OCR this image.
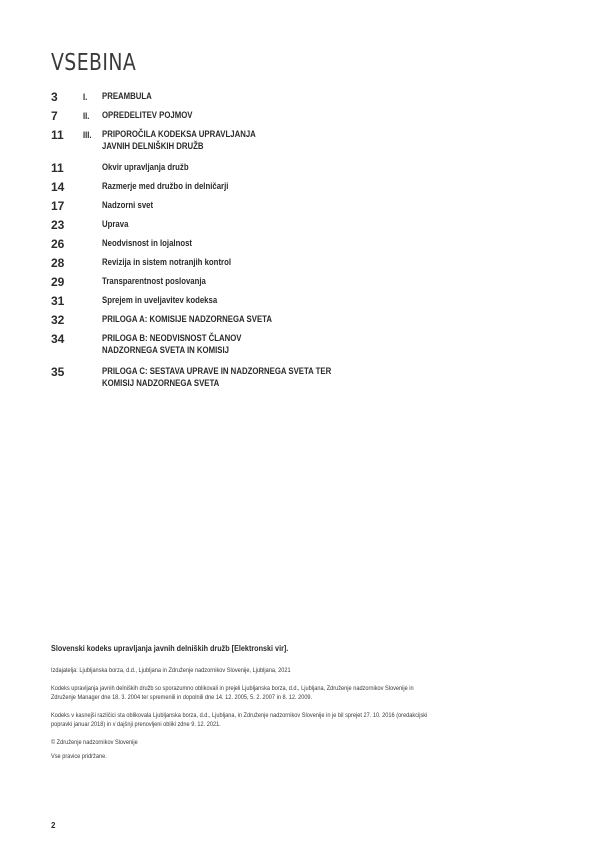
VSEBINA
3	I. PREAMBULA
7	II. OPREDELITEV POJMOV
11 III. PRIPOROČILA KODEKSA UPRAVLJANJA
JAVNIH DELNIŠKIH DRUŽB
11	Okvir upravljanja družb
14	Razmerje med družbo in delničarji
17	Nadzorni svet
23	Uprava
26	Neodvisnost in lojalnost
28	Revizija in sistem notranjih kontrol
29	Transparentnost poslovanja
31	Sprejem in uveljavitev kodeksa
32	PRILOGA A: KOMISIJE NADZORNEGA SVETA
34	PRILOGA B: NEODVISNOST ČLANOV
NADZORNEGA SVETA IN KOMISIJ
35	PRILOGA C: SESTAVA UPRAVE IN NADZORNEGA SVETA TER
KOMISIJ NADZORNEGA SVETA
Slovenski kodeks upravljanja javnih delniških družb [Elektronski vir].
Izdajatelja: Ljubljanska borza, d.d., Ljubljana in Združenje nadzornikov Slovenije, Ljubljana, 2021
Kodeks upravljanja javnih delniških družb so sporazumno oblikovali in prejeli Ljubljanska borza, d.d., Ljubljana, Združenje nadzornikov Slovenije in
Združenje Manager dne 18. 3. 2004 ter spremenili in dopolnili dne 14. 12. 2005, 5. 2. 2007 in 8. 12. 2009.
Kodeks v kasnejši različici sta oblikovala Ljubljanska borza, d.d., Ljubljana, in Združenje nadzornikov Slovenije in je bil sprejet 27. 10. 2016 (oredakcijski
popravki januar 2018) in v dajšnji prenovljeni obliki zdne 9. 12. 2021.
© Združenje nadzornikov Slovenije
Vse pravice pridržane.
2
